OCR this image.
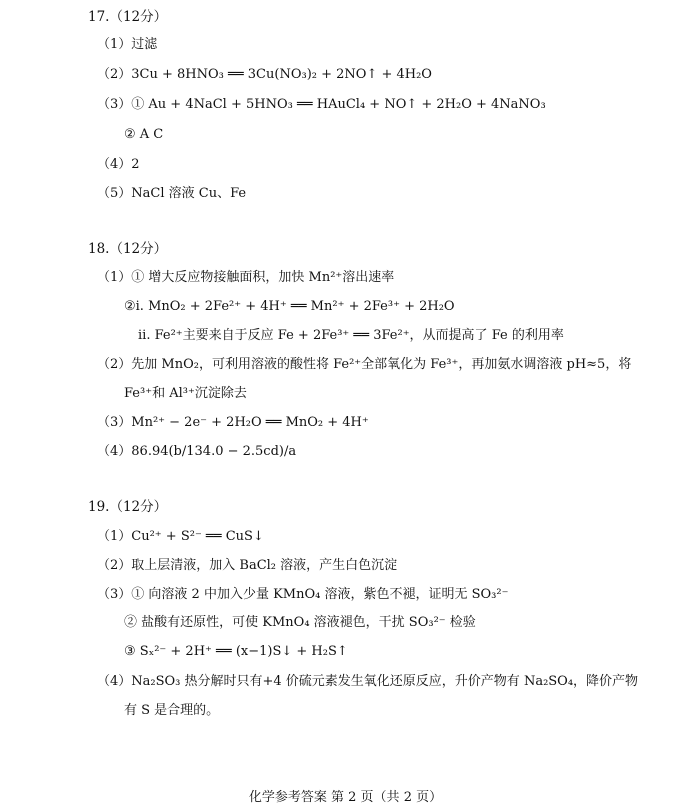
17.（12分）
（1）过滤
（2）3Cu + 8HNO₃ ══ 3Cu(NO₃)₂ + 2NO↑ + 4H₂O
（3）① Au + 4NaCl + 5HNO₃ ══ HAuCl₄ + NO↑ + 2H₂O + 4NaNO₃
② A C
（4）2
（5）NaCl 溶液 Cu、Fe
18.（12分）
（1）① 增大反应物接触面积，加快 Mn²⁺溶出速率
②ⅰ. MnO₂ + 2Fe²⁺ + 4H⁺ ══ Mn²⁺ + 2Fe³⁺ + 2H₂O
ⅱ. Fe²⁺主要来自于反应 Fe + 2Fe³⁺ ══ 3Fe²⁺，从而提高了 Fe 的利用率
（2）先加 MnO₂，可利用溶液的酸性将 Fe²⁺全部氧化为 Fe³⁺，再加氨水调溶液 pH≈5，将
Fe³⁺和 Al³⁺沉淀除去
（3）Mn²⁺ − 2e⁻ + 2H₂O ══ MnO₂ + 4H⁺
（4）86.94(b/134.0 − 2.5cd)/a
19.（12分）
（1）Cu²⁺ + S²⁻ ══ CuS↓
（2）取上层清液，加入 BaCl₂ 溶液，产生白色沉淀
（3）① 向溶液 2 中加入少量 KMnO₄ 溶液，紫色不褪，证明无 SO₃²⁻
② 盐酸有还原性，可使 KMnO₄ 溶液褪色，干扰 SO₃²⁻ 检验
③ Sₓ²⁻ + 2H⁺ ══ (x−1)S↓ + H₂S↑
（4）Na₂SO₃ 热分解时只有+4 价硫元素发生氧化还原反应，升价产物有 Na₂SO₄，降价产物
有 S 是合理的。
化学参考答案 第 2 页（共 2 页）
